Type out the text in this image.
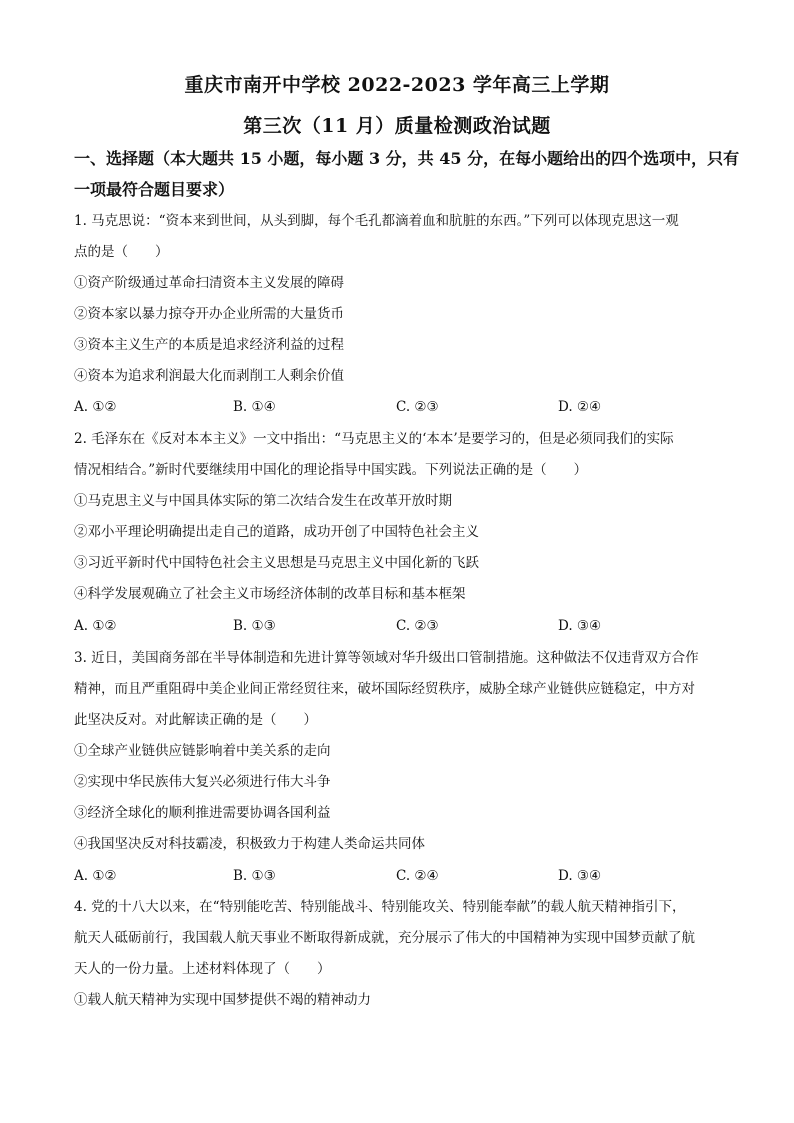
重庆市南开中学校 2022-2023 学年高三上学期
第三次（11 月）质量检测政治试题
一、选择题（本大题共 15 小题，每小题 3 分，共 45 分，在每小题给出的四个选项中，只有
一项最符合题目要求）
1. 马克思说：“资本来到世间，从头到脚，每个毛孔都滴着血和肮脏的东西。”下列可以体现克思这一观
点的是（　　）
①资产阶级通过革命扫清资本主义发展的障碍
②资本家以暴力掠夺开办企业所需的大量货币
③资本主义生产的本质是追求经济利益的过程
④资本为追求利润最大化而剥削工人剩余价值
A. ①②	B. ①④	C. ②③	D. ②④
2. 毛泽东在《反对本本主义》一文中指出：“马克思主义的‘本本’是要学习的，但是必须同我们的实际
情况相结合。”新时代要继续用中国化的理论指导中国实践。下列说法正确的是（　　）
①马克思主义与中国具体实际的第二次结合发生在改革开放时期
②邓小平理论明确提出走自己的道路，成功开创了中国特色社会主义
③习近平新时代中国特色社会主义思想是马克思主义中国化新的飞跃
④科学发展观确立了社会主义市场经济体制的改革目标和基本框架
A. ①②	B. ①③	C. ②③	D. ③④
3. 近日，美国商务部在半导体制造和先进计算等领域对华升级出口管制措施。这种做法不仅违背双方合作
精神，而且严重阻碍中美企业间正常经贸往来，破坏国际经贸秩序，威胁全球产业链供应链稳定，中方对
此坚决反对。对此解读正确的是（　　）
①全球产业链供应链影响着中美关系的走向
②实现中华民族伟大复兴必须进行伟大斗争
③经济全球化的顺利推进需要协调各国利益
④我国坚决反对科技霸凌，积极致力于构建人类命运共同体
A. ①②	B. ①③	C. ②④	D. ③④
4. 党的十八大以来，在“特别能吃苦、特别能战斗、特别能攻关、特别能奉献”的载人航天精神指引下，
航天人砥砺前行，我国载人航天事业不断取得新成就，充分展示了伟大的中国精神为实现中国梦贡献了航
天人的一份力量。上述材料体现了（　　）
①载人航天精神为实现中国梦提供不竭的精神动力
